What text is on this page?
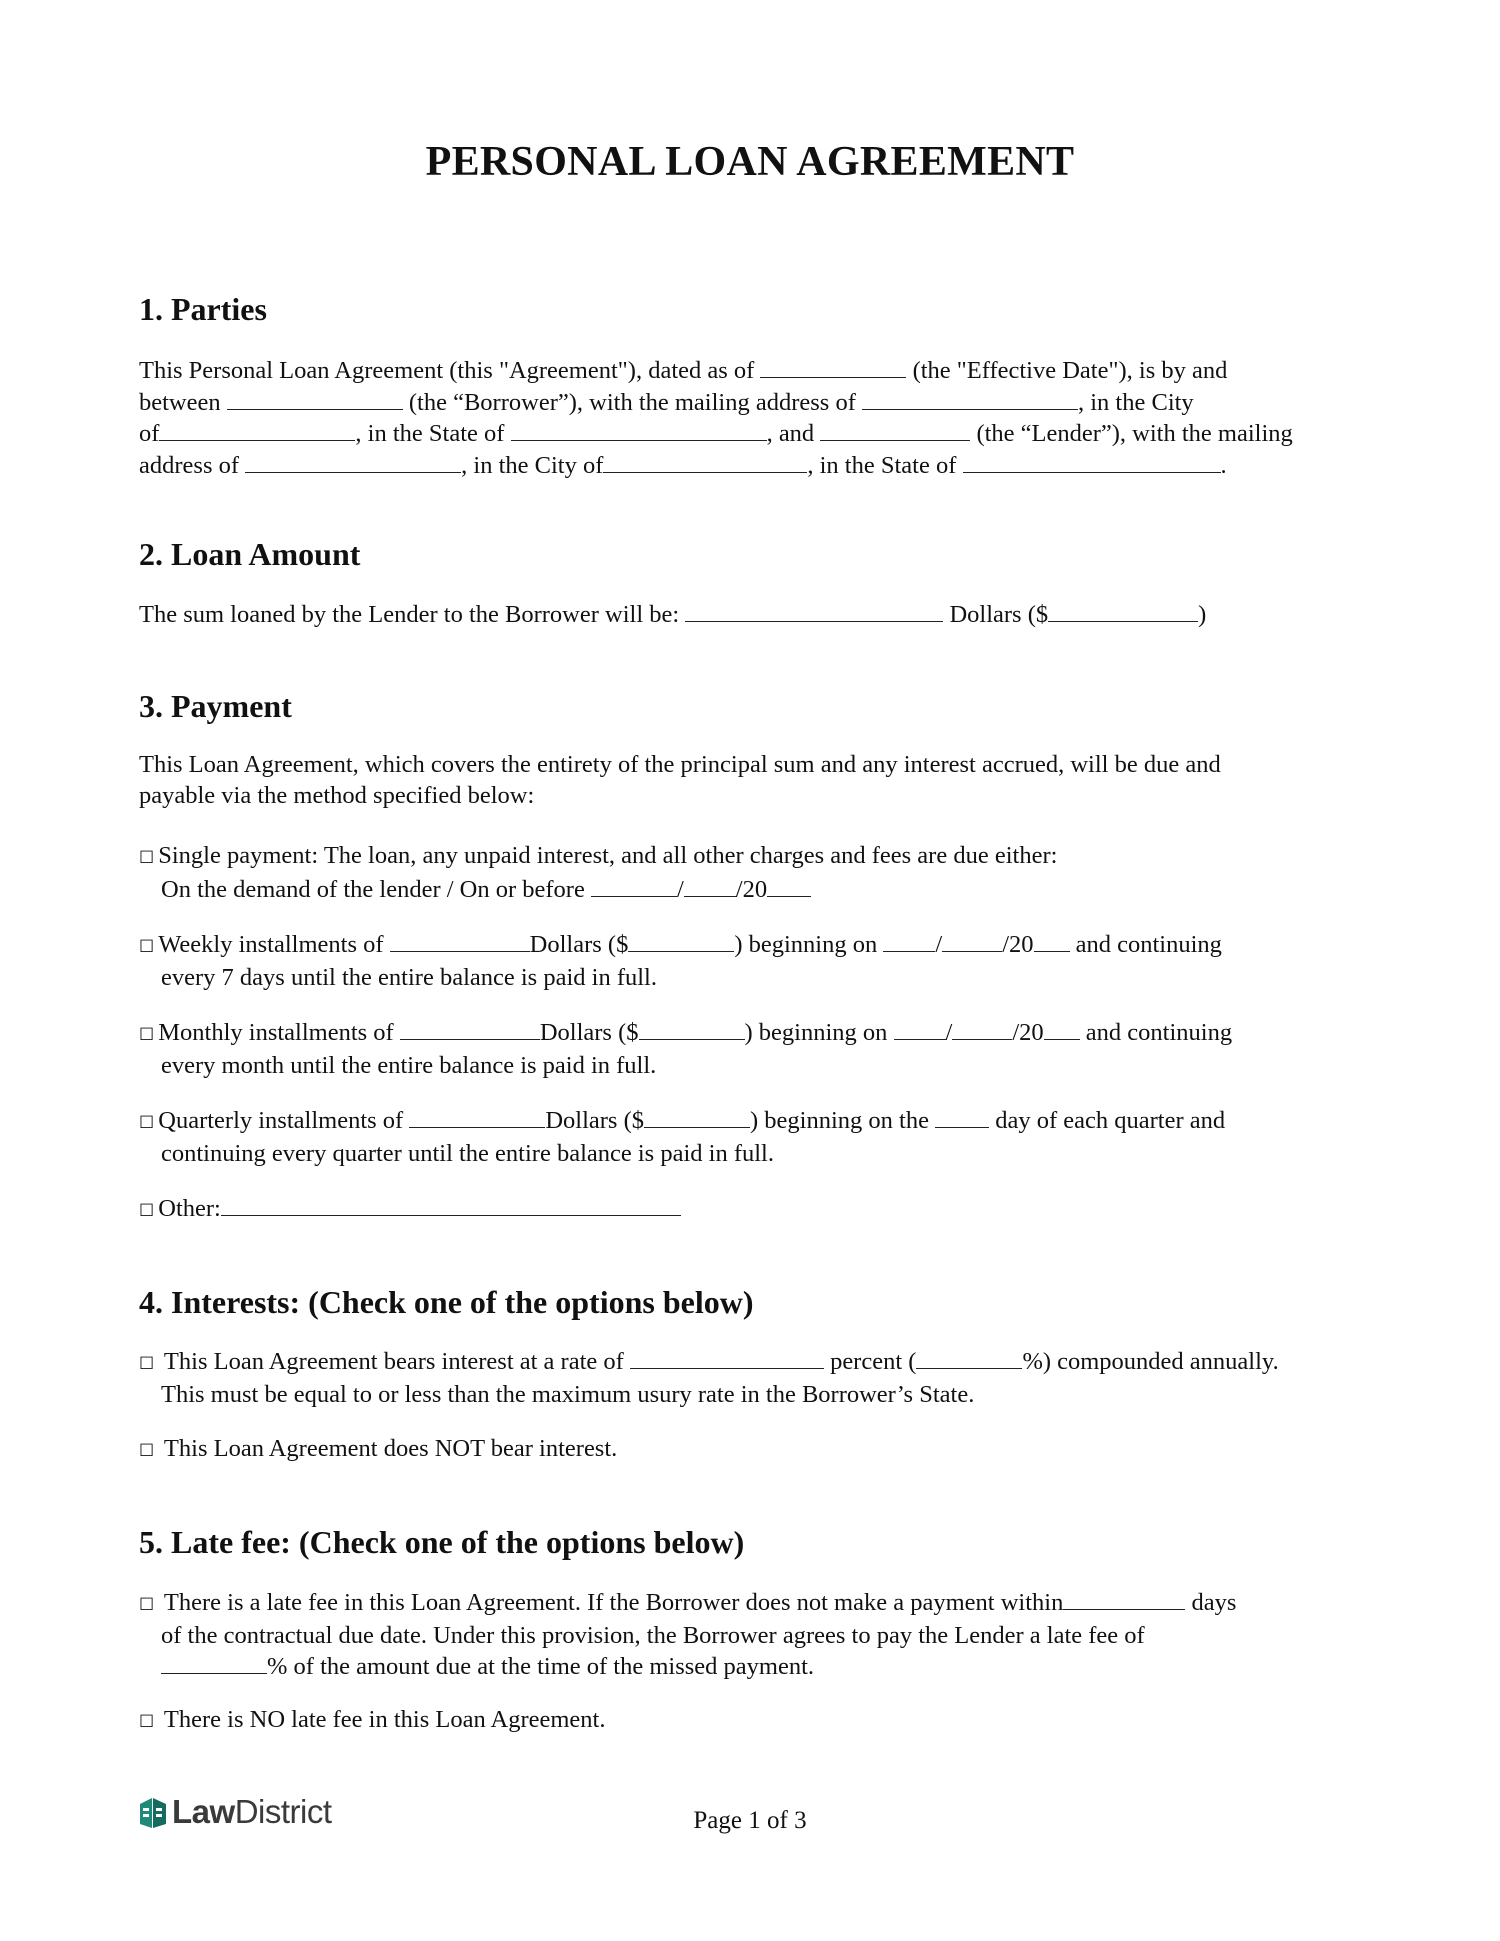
PERSONAL LOAN AGREEMENT
1. Parties
This Personal Loan Agreement (this "Agreement"), dated as of	(the "Effective Date"), is by and
between	(the “Borrower”), with the mailing address of	, in the City
of	, in the State of	, and	(the “Lender”), with the mailing
address of	, in the City of	, in the State of	.
2. Loan Amount
The sum loaned by the Lender to the Borrower will be:	Dollars ($	)
3. Payment
This Loan Agreement, which covers the entirety of the principal sum and any interest accrued, will be due and
payable via the method specified below:
☐ Single payment: The loan, any unpaid interest, and all other charges and fees are due either:
On the demand of the lender / On or before	/ /20
☐ Weekly installments of	Dollars ($	) beginning on / /20 and continuing
every 7 days until the entire balance is paid in full.
☐ Monthly installments of	Dollars ($	) beginning on / /20 and continuing
every month until the entire balance is paid in full.
☐ Quarterly installments of	Dollars ($	) beginning on the  day of each quarter and
continuing every quarter until the entire balance is paid in full.
☐ Other:
4. Interests: (Check one of the options below)
☐ This Loan Agreement bears interest at a rate of	percent (	%) compounded annually.
This must be equal to or less than the maximum usury rate in the Borrower’s State.
☐ This Loan Agreement does NOT bear interest.
5. Late fee: (Check one of the options below)
☐ There is a late fee in this Loan Agreement. If the Borrower does not make a payment within	days
of the contractual due date. Under this provision, the Borrower agrees to pay the Lender a late fee of
% of the amount due at the time of the missed payment.
☐ There is NO late fee in this Loan Agreement.
LawDistrict	Page 1 of 3
